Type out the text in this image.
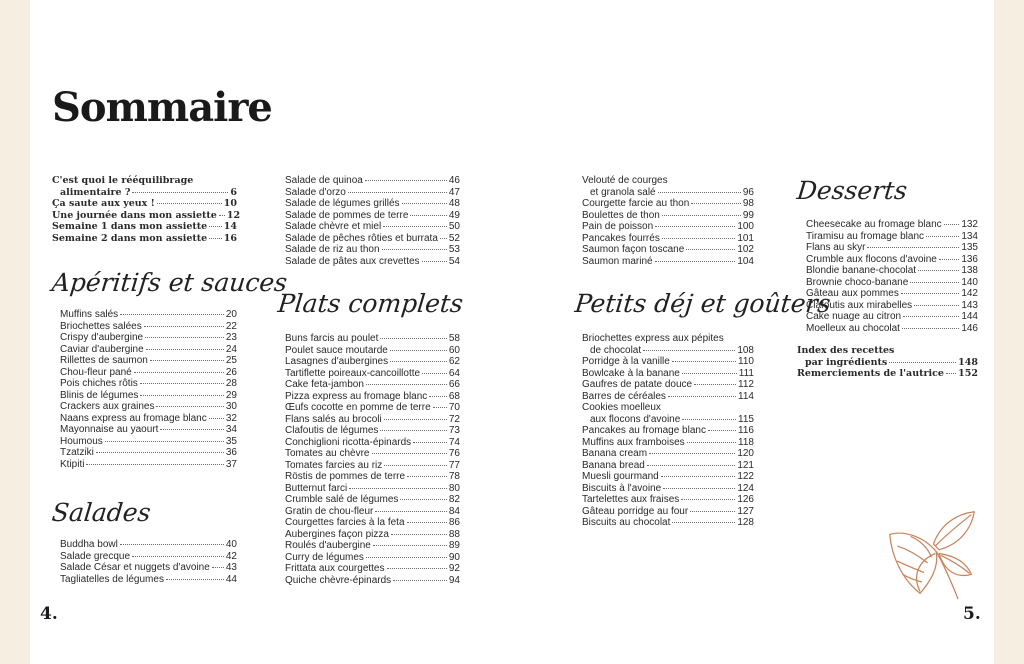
Sommaire
C'est quoi le rééquilibrage
alimentaire ?	6
Ça saute aux yeux !	10
Une journée dans mon assiette 12
Semaine 1 dans mon assiette 14
Semaine 2 dans mon assiette 16
Apéritifs et sauces
Muffins salés	20
Briochettes salées	22
Crispy d'aubergine	23
Caviar d'aubergine	24
Rillettes de saumon	25
Chou-fleur pané	26
Pois chiches rôtis	28
Blinis de légumes	29
Crackers aux graines	30
Naans express au fromage blanc 32
Mayonnaise au yaourt	34
Houmous	35
Tzatziki	36
Ktipiti	37
Salades
Buddha bowl	40
Salade grecque	42
Salade César et nuggets d'avoine 43
Tagliatelles de légumes	44
Salade de quinoa	46
Salade d'orzo	47
Salade de légumes grillés	48
Salade de pommes de terre	49
Salade chèvre et miel	50
Salade de pêches rôties et burrata 52
Salade de riz au thon	53
Salade de pâtes aux crevettes	54
Plats complets
Buns farcis au poulet	58
Poulet sauce moutarde	60
Lasagnes d'aubergines	62
Tartiflette poireaux-cancoillotte	64
Cake feta-jambon	66
Pizza express au fromage blanc 68
Œufs cocotte en pomme de terre 70
Flans salés au brocoli	72
Clafoutis de légumes	73
Conchiglioni ricotta-épinards	74
Tomates au chèvre	76
Tomates farcies au riz	77
Röstis de pommes de terre	78
Butternut farci	80
Crumble salé de légumes	82
Gratin de chou-fleur	84
Courgettes farcies à la feta	86
Aubergines façon pizza	88
Roulés d'aubergine	89
Curry de légumes	90
Frittata aux courgettes	92
Quiche chèvre-épinards	94
Velouté de courges
et granola salé	96
Courgette farcie au thon	98
Boulettes de thon	99
Pain de poisson	100
Pancakes fourrés	101
Saumon façon toscane	102
Saumon mariné	104
Petits déj et goûters
Briochettes express aux pépites
de chocolat	108
Porridge à la vanille	110
Bowlcake à la banane	111
Gaufres de patate douce	112
Barres de céréales	114
Cookies moelleux
aux flocons d'avoine	115
Pancakes au fromage blanc	116
Muffins aux framboises	118
Banana cream	120
Banana bread	121
Muesli gourmand	122
Biscuits à l'avoine	124
Tartelettes aux fraises	126
Gâteau porridge au four	127
Biscuits au chocolat	128
Desserts
Cheesecake au fromage blanc 132
Tiramisu au fromage blanc	134
Flans au skyr	135
Crumble aux flocons d'avoine 136
Blondie banane-chocolat	138
Brownie choco-banane	140
Gâteau aux pommes	142
Clafoutis aux mirabelles	143
Cake nuage au citron	144
Moelleux au chocolat	146
Index des recettes
par ingrédients	148
Remerciements de l'autrice 152
4.	5.
